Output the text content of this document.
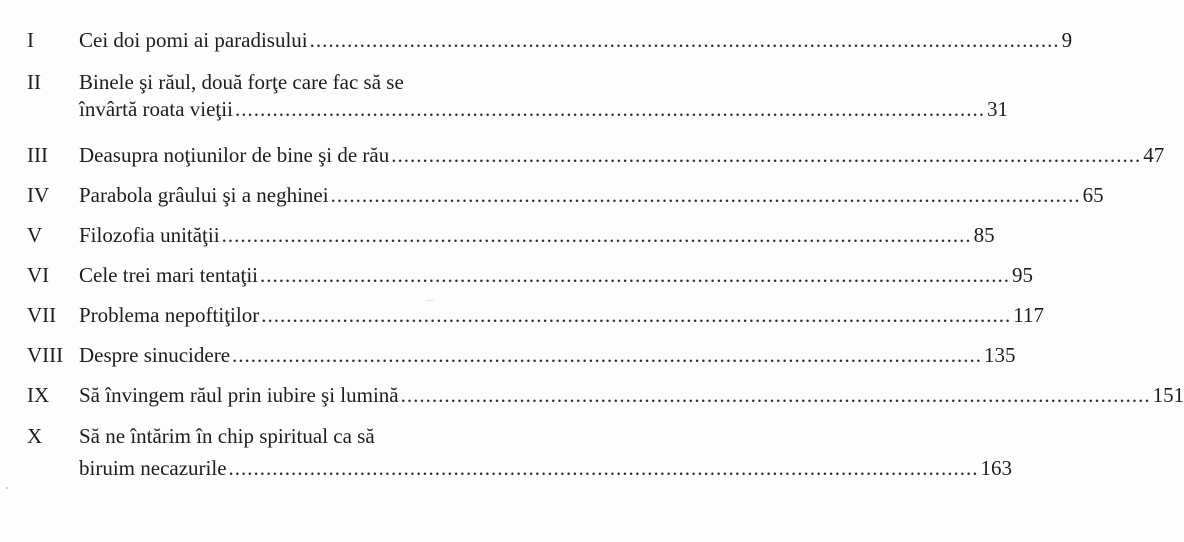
I Cei doi pomi ai paradisului ........................................................................................................................ 9
II Binele şi răul, două forţe care fac să se
învârtă roata vieţii ........................................................................................................................ 31
III Deasupra noţiunilor de bine şi de rău ........................................................................................................................ 47
IV Parabola grâului şi a neghinei ........................................................................................................................ 65
V Filozofia unităţii ........................................................................................................................ 85
VI Cele trei mari tentaţii ........................................................................................................................ 95
VII Problema nepoftiţilor ........................................................................................................................ 117
VIII Despre sinucidere ........................................................................................................................ 135
IX Să învingem răul prin iubire şi lumină ........................................................................................................................ 151
X Să ne întărim în chip spiritual ca să
biruim necazurile ........................................................................................................................ 163
